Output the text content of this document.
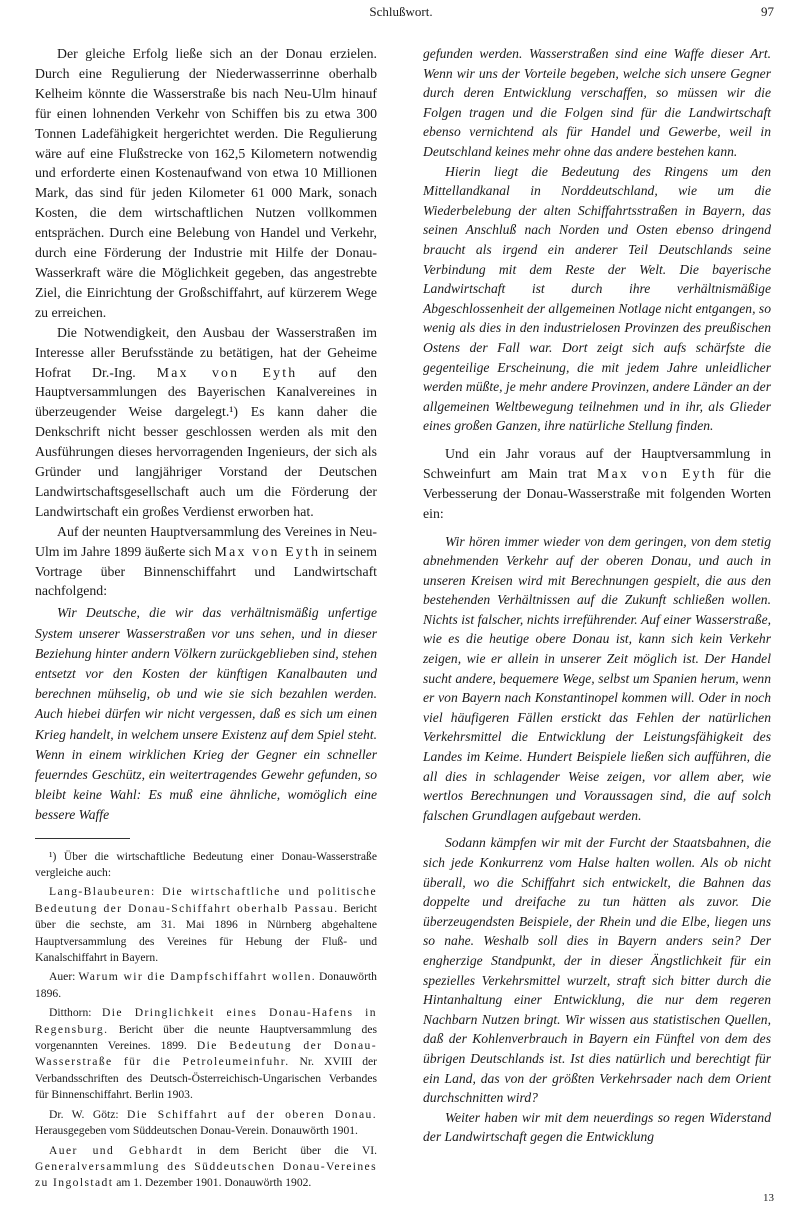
Schlußwort.	97

Der gleiche Erfolg ließe sich an der Donau erzielen. Durch eine Regulierung der Niederwasserrinne oberhalb Kelheim könnte die Wasserstraße bis nach Neu-Ulm hinauf für einen lohnenden Verkehr von Schiffen bis zu etwa 300 Tonnen Ladefähigkeit hergerichtet werden. Die Regulierung wäre auf eine Flußstrecke von 162,5 Kilometern notwendig und erforderte einen Kostenaufwand von etwa 10 Millionen Mark, das sind für jeden Kilometer 61 000 Mark, sonach Kosten, die dem wirtschaftlichen Nutzen vollkommen entsprächen. Durch eine Belebung von Handel und Verkehr, durch eine Förderung der Industrie mit Hilfe der Donau-Wasserkraft wäre die Möglichkeit gegeben, das angestrebte Ziel, die Einrichtung der Großschiffahrt, auf kürzerem Wege zu erreichen.

Die Notwendigkeit, den Ausbau der Wasserstraßen im Interesse aller Berufsstände zu betätigen, hat der Geheime Hofrat Dr.-Ing. Max von Eyth auf den Hauptversammlungen des Bayerischen Kanalvereines in überzeugender Weise dargelegt.¹) Es kann daher die Denkschrift nicht besser geschlossen werden als mit den Ausführungen dieses hervorragenden Ingenieurs, der sich als Gründer und langjähriger Vorstand der Deutschen Landwirtschaftsgesellschaft auch um die Förderung der Landwirtschaft ein großes Verdienst erworben hat.

Auf der neunten Hauptversammlung des Vereines in Neu-Ulm im Jahre 1899 äußerte sich Max von Eyth in seinem Vortrage über Binnenschiffahrt und Landwirtschaft nachfolgend:

Wir Deutsche, die wir das verhältnismäßig unfertige System unserer Wasserstraßen vor uns sehen, und in dieser Beziehung hinter andern Völkern zurückgeblieben sind, stehen entsetzt vor den Kosten der künftigen Kanalbauten und berechnen mühselig, ob und wie sie sich bezahlen werden. Auch hiebei dürfen wir nicht vergessen, daß es sich um einen Krieg handelt, in welchem unsere Existenz auf dem Spiel steht. Wenn in einem wirklichen Krieg der Gegner ein schneller feuerndes Geschütz, ein weitertragendes Gewehr gefunden, so bleibt keine Wahl: Es muß eine ähnliche, womöglich eine bessere Waffe

¹) Über die wirtschaftliche Bedeutung einer Donau-Wasserstraße vergleiche auch:

Lang-Blaubeuren: Die wirtschaftliche und politische Bedeutung der Donau-Schiffahrt oberhalb Passau. Bericht über die sechste, am 31. Mai 1896 in Nürnberg abgehaltene Hauptversammlung des Vereines für Hebung der Fluß- und Kanalschiffahrt in Bayern.

Auer: Warum wir die Dampfschiffahrt wollen. Donauwörth 1896.

Ditthorn: Die Dringlichkeit eines Donau-Hafens in Regensburg. Bericht über die neunte Hauptversammlung des vorgenannten Vereines. 1899. Die Bedeutung der Donau-Wasserstraße für die Petroleumeinfuhr. Nr. XVIII der Verbandsschriften des Deutsch-Österreichisch-Ungarischen Verbandes für Binnenschiffahrt. Berlin 1903.

Dr. W. Götz: Die Schiffahrt auf der oberen Donau. Herausgegeben vom Süddeutschen Donau-Verein. Donauwörth 1901.

Auer und Gebhardt in dem Bericht über die VI. Generalversammlung des Süddeutschen Donau-Vereines zu Ingolstadt am 1. Dezember 1901. Donauwörth 1902.

gefunden werden. Wasserstraßen sind eine Waffe dieser Art. Wenn wir uns der Vorteile begeben, welche sich unsere Gegner durch deren Entwicklung verschaffen, so müssen wir die Folgen tragen und die Folgen sind für die Landwirtschaft ebenso vernichtend als für Handel und Gewerbe, weil in Deutschland keines mehr ohne das andere bestehen kann.

Hierin liegt die Bedeutung des Ringens um den Mittellandkanal in Norddeutschland, wie um die Wiederbelebung der alten Schiffahrtsstraßen in Bayern, das seinen Anschluß nach Norden und Osten ebenso dringend braucht als irgend ein anderer Teil Deutschlands seine Verbindung mit dem Reste der Welt. Die bayerische Landwirtschaft ist durch ihre verhältnismäßige Abgeschlossenheit der allgemeinen Notlage nicht entgangen, so wenig als dies in den industrielosen Provinzen des preußischen Ostens der Fall war. Dort zeigt sich aufs schärfste die gegenteilige Erscheinung, die mit jedem Jahre unleidlicher werden müßte, je mehr andere Provinzen, andere Länder an der allgemeinen Weltbewegung teilnehmen und in ihr, als Glieder eines großen Ganzen, ihre natürliche Stellung finden.

Und ein Jahr voraus auf der Hauptversammlung in Schweinfurt am Main trat Max von Eyth für die Verbesserung der Donau-Wasserstraße mit folgenden Worten ein:

Wir hören immer wieder von dem geringen, von dem stetig abnehmenden Verkehr auf der oberen Donau, und auch in unseren Kreisen wird mit Berechnungen gespielt, die aus den bestehenden Verhältnissen auf die Zukunft schließen wollen. Nichts ist falscher, nichts irreführender. Auf einer Wasserstraße, wie es die heutige obere Donau ist, kann sich kein Verkehr zeigen, wie er allein in unserer Zeit möglich ist. Der Handel sucht andere, bequemere Wege, selbst um Spanien herum, wenn er von Bayern nach Konstantinopel kommen will. Oder in noch viel häufigeren Fällen erstickt das Fehlen der natürlichen Verkehrsmittel die Entwicklung der Leistungsfähigkeit des Landes im Keime. Hundert Beispiele ließen sich aufführen, die all dies in schlagender Weise zeigen, vor allem aber, wie wertlos Berechnungen und Voraussagen sind, die auf solch falschen Grundlagen aufgebaut werden.

Sodann kämpfen wir mit der Furcht der Staatsbahnen, die sich jede Konkurrenz vom Halse halten wollen. Als ob nicht überall, wo die Schiffahrt sich entwickelt, die Bahnen das doppelte und dreifache zu tun hätten als zuvor. Die überzeugendsten Beispiele, der Rhein und die Elbe, liegen uns so nahe. Weshalb soll dies in Bayern anders sein? Der engherzige Standpunkt, der in dieser Ängstlichkeit für ein spezielles Verkehrsmittel wurzelt, straft sich bitter durch die Hintanhaltung einer Entwicklung, die nur dem regeren Nachbarn Nutzen bringt. Wir wissen aus statistischen Quellen, daß der Kohlenverbrauch in Bayern ein Fünftel von dem des übrigen Deutschlands ist. Ist dies natürlich und berechtigt für ein Land, das von der größten Verkehrsader nach dem Orient durchschnitten wird?

Weiter haben wir mit dem neuerdings so regen Widerstand der Landwirtschaft gegen die Entwicklung

13
